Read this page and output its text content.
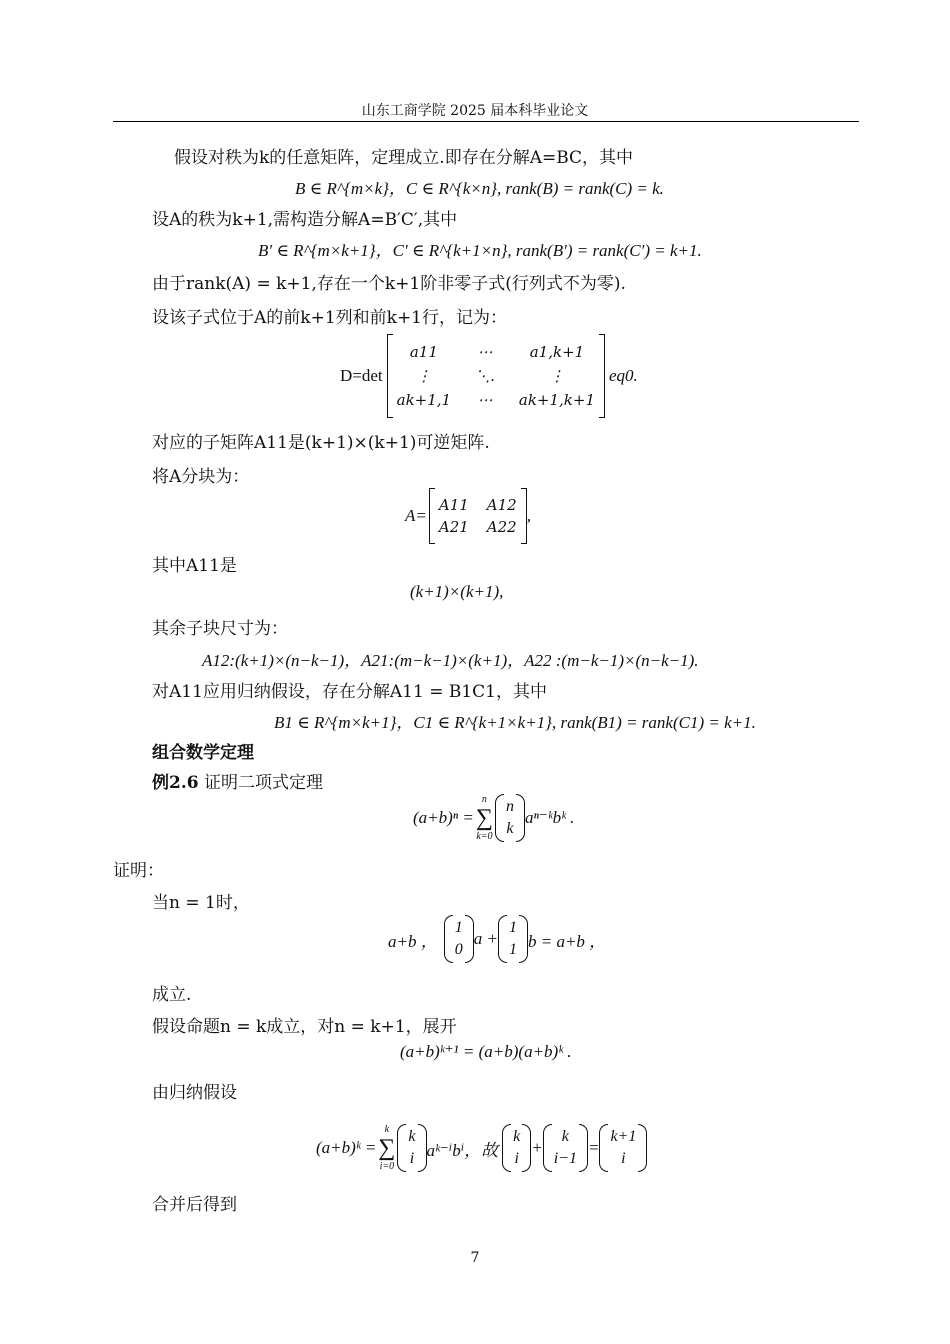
山东工商学院 2025 届本科毕业论文
假设对秩为k的任意矩阵，定理成立.即存在分解A=BC，其中
B ∈ R^{m×k}，C ∈ R^{k×n}, rank(B) = rank(C) = k.
设A的秩为k+1,需构造分解A=B′C′,其中
B′ ∈ R^{m×k+1}，C′ ∈ R^{k+1×n}, rank(B′) = rank(C′) = k+1.
由于rank(A) = k+1,存在一个k+1阶非零子式(行列式不为零).
设该子式位于A的前k+1列和前k+1行，记为：
D=det
a11	⋯	a1,k+1
⋮	⋱.	⋮
ak+1,1 ⋯ ak+1,k+1
eq0.
对应的子矩阵A11是(k+1)×(k+1)可逆矩阵.
将A分块为：
A=
A11 A12
A21 A22
,
其中A11是
(k+1)×(k+1),
其余子块尺寸为：
A12:(k+1)×(n−k−1)，A21:(m−k−1)×(k+1)，A22 :(m−k−1)×(n−k−1).
对A11应用归纳假设，存在分解A11 = B1C1，其中
B1 ∈ R^{m×k+1}，C1 ∈ R^{k+1×k+1}, rank(B1) = rank(C1) = k+1.
组合数学定理
例2.6 证明二项式定理
(a+b)ⁿ =
n
∑
k=0
n
k
aⁿ⁻ᵏbᵏ .
证明：
当n = 1时，
a+b ，
1
0
a +
1
1 b = a+b ，
成立.
假设命题n = k成立，对n = k+1，展开
(a+b)ᵏ⁺¹ = (a+b)(a+b)ᵏ .
由归纳假设
(a+b)ᵏ =
k
∑
i=0
k
i aᵏ⁻ⁱbⁱ，故
k
i
+
k
i−1
=
k+1
i
合并后得到
7
